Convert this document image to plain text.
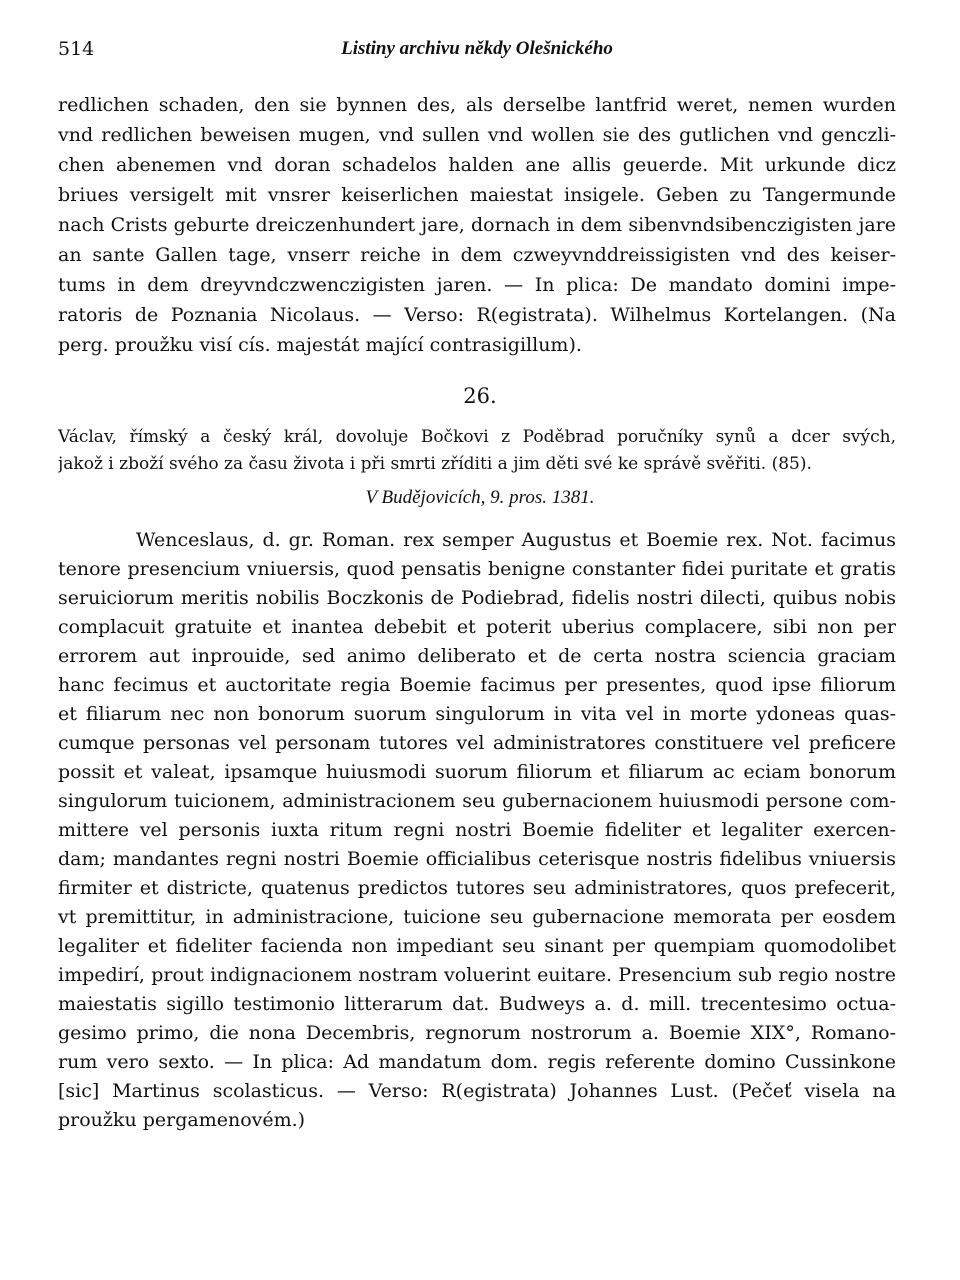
514	Listiny archivu někdy Olešnického
redlichen schaden, den sie bynnen des, als derselbe lantfrid weret, nemen wurden
vnd redlichen beweisen mugen, vnd sullen vnd wollen sie des gutlichen vnd genczli-
chen abenemen vnd doran schadelos halden ane allis geuerde. Mit urkunde dicz
briues versigelt mit vnsrer keiserlichen maiestat insigele. Geben zu Tangermunde
nach Crists geburte dreiczenhundert jare, dornach in dem sibenvndsibenczigisten jare
an sante Gallen tage, vnserr reiche in dem czweyvnddreissigisten vnd des keiser-
tums in dem dreyvndczwenczigisten jaren. — In plica: De mandato domini impe-
ratoris de Poznania Nicolaus. — Verso: R(egistrata). Wilhelmus Kortelangen. (Na
perg. proužku visí cís. majestát mající contrasigillum).
26.
Václav, římský a český král, dovoluje Bočkovi z Poděbrad poručníky synů a dcer svých,
jakož i zboží svého za času života i při smrti zříditi a jim děti své ke správě svěřiti. (85).
V Budějovicích, 9. pros. 1381.
Wenceslaus, d. gr. Roman. rex semper Augustus et Boemie rex. Not. facimus
tenore presencium vniuersis, quod pensatis benigne constanter fidei puritate et gratis
seruiciorum meritis nobilis Boczkonis de Podiebrad, fidelis nostri dilecti, quibus nobis
complacuit gratuite et inantea debebit et poterit uberius complacere, sibi non per
errorem aut inprouide, sed animo deliberato et de certa nostra sciencia graciam
hanc fecimus et auctoritate regia Boemie facimus per presentes, quod ipse filiorum
et filiarum nec non bonorum suorum singulorum in vita vel in morte ydoneas quas-
cumque personas vel personam tutores vel administratores constituere vel preficere
possit et valeat, ipsamque huiusmodi suorum filiorum et filiarum ac eciam bonorum
singulorum tuicionem, administracionem seu gubernacionem huiusmodi persone com-
mittere vel personis iuxta ritum regni nostri Boemie fideliter et legaliter exercen-
dam; mandantes regni nostri Boemie officialibus ceterisque nostris fidelibus vniuersis
firmiter et districte, quatenus predictos tutores seu administratores, quos prefecerit,
vt premittitur, in administracione, tuicione seu gubernacione memorata per eosdem
legaliter et fideliter facienda non impediant seu sinant per quempiam quomodolibet
impedirí, prout indignacionem nostram voluerint euitare. Presencium sub regio nostre
maiestatis sigillo testimonio litterarum dat. Budweys a. d. mill. trecentesimo octua-
gesimo primo, die nona Decembris, regnorum nostrorum a. Boemie XIX°, Romano-
rum vero sexto. — In plica: Ad mandatum dom. regis referente domino Cussinkone
[sic] Martinus scolasticus. — Verso: R(egistrata) Johannes Lust. (Pečeť visela na
proužku pergamenovém.)
